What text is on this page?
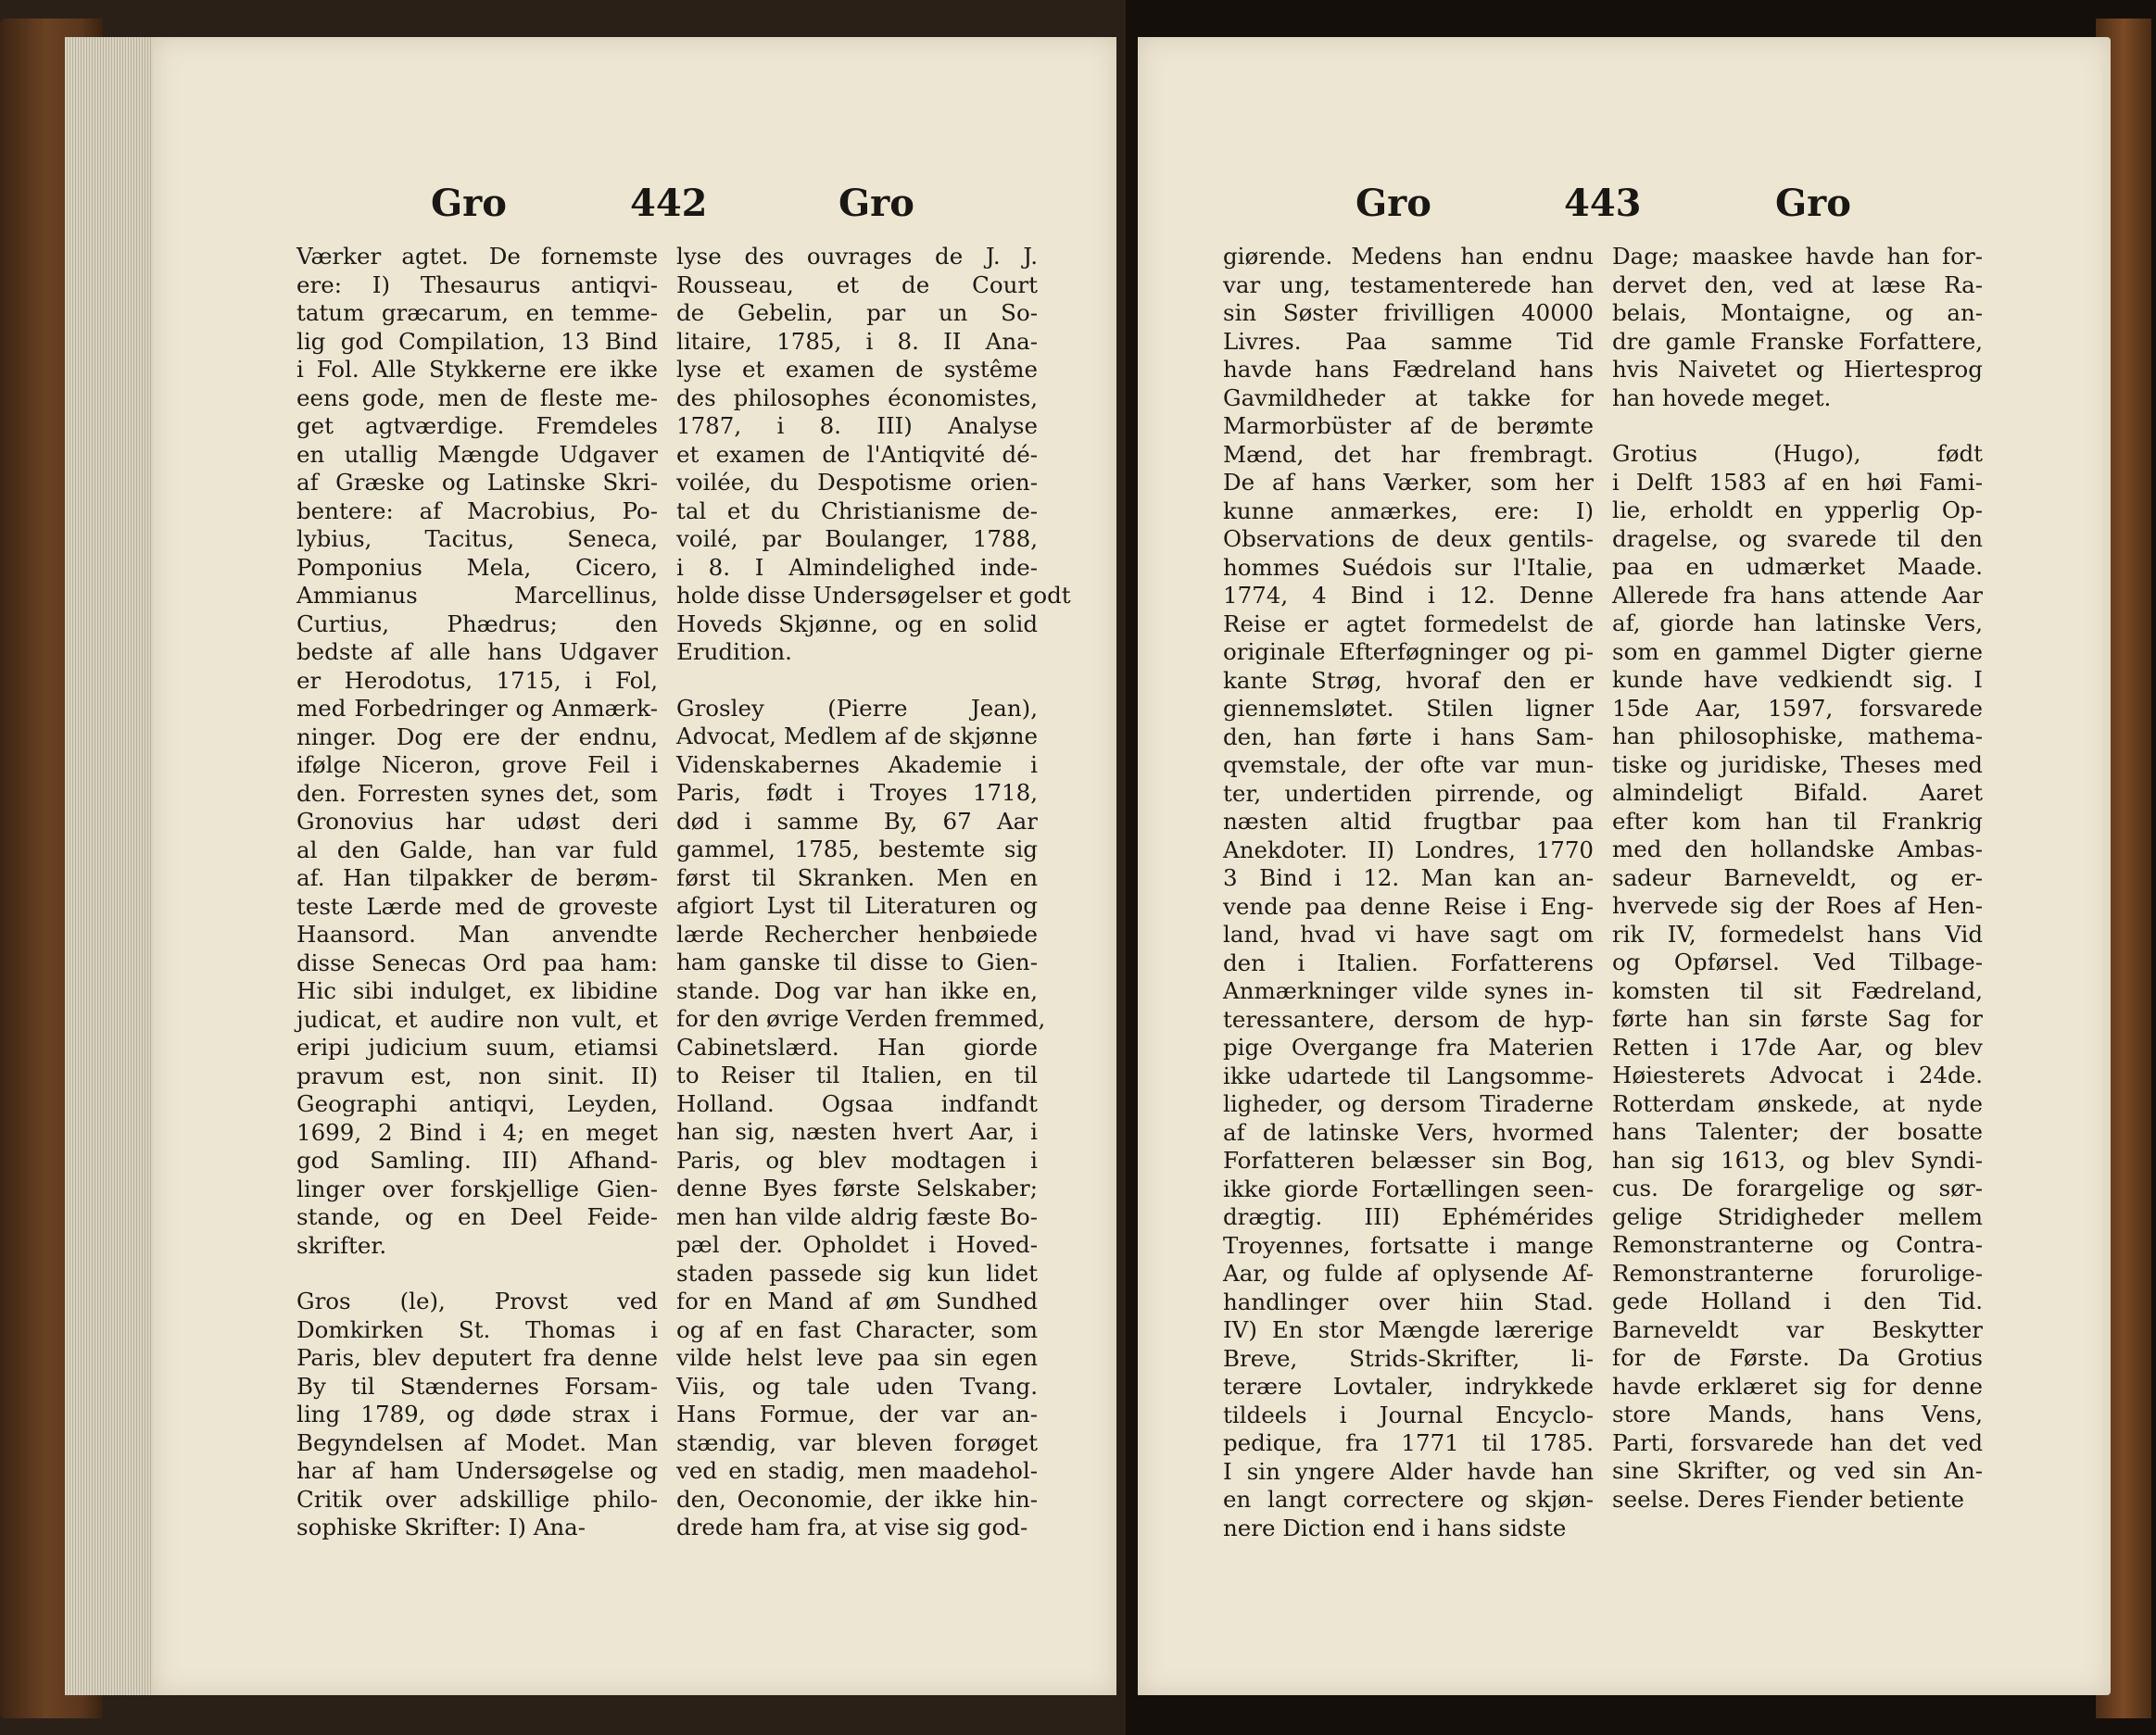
Gro	442	Gro

Værker agtet. De fornemste
ere: I) Thesaurus antiqvi-
tatum græcarum, en temme-
lig god Compilation, 13 Bind
i Fol. Alle Stykkerne ere ikke
eens gode, men de fleste me-
get agtværdige. Fremdeles
en utallig Mængde Udgaver
af Græske og Latinske Skri-
bentere: af Macrobius, Po-
lybius, Tacitus, Seneca,
Pomponius Mela, Cicero,
Ammianus Marcellinus,
Curtius, Phædrus; den
bedste af alle hans Udgaver
er Herodotus, 1715, i Fol,
med Forbedringer og Anmærk-
ninger. Dog ere der endnu,
ifølge Niceron, grove Feil i
den. Forresten synes det, som
Gronovius har udøst deri
al den Galde, han var fuld
af. Han tilpakker de berøm-
teste Lærde med de groveste
Haansord. Man anvendte
disse Senecas Ord paa ham:
Hic sibi indulget, ex libidine
judicat, et audire non vult, et
eripi judicium suum, etiamsi
pravum est, non sinit. II)
Geographi antiqvi, Leyden,
1699, 2 Bind i 4; en meget
god Samling. III) Afhand-
linger over forskjellige Gien-
stande, og en Deel Feide-
skrifter.

Gros (le), Provst ved
Domkirken St. Thomas i
Paris, blev deputert fra denne
By til Stændernes Forsam-
ling 1789, og døde strax i
Begyndelsen af Modet. Man
har af ham Undersøgelse og
Critik over adskillige philo-
sophiske Skrifter: I) Ana-

lyse des ouvrages de J. J.
Rousseau, et de Court
de Gebelin, par un So-
litaire, 1785, i 8. II Ana-
lyse et examen de systême
des philosophes économistes,
1787, i 8. III) Analyse
et examen de l'Antiqvité dé-
voilée, du Despotisme orien-
tal et du Christianisme de-
voilé, par Boulanger, 1788,
i 8. I Almindelighed inde-
holde disse Undersøgelser et godt
Hoveds Skjønne, og en solid
Erudition.

Grosley (Pierre Jean),
Advocat, Medlem af de skjønne
Videnskabernes Akademie i
Paris, født i Troyes 1718,
død i samme By, 67 Aar
gammel, 1785, bestemte sig
først til Skranken. Men en
afgiort Lyst til Literaturen og
lærde Rechercher henbøiede
ham ganske til disse to Gien-
stande. Dog var han ikke en,
for den øvrige Verden fremmed,
Cabinetslærd. Han giorde
to Reiser til Italien, en til
Holland. Ogsaa indfandt
han sig, næsten hvert Aar, i
Paris, og blev modtagen i
denne Byes første Selskaber;
men han vilde aldrig fæste Bo-
pæl der. Opholdet i Hoved-
staden passede sig kun lidet
for en Mand af øm Sundhed
og af en fast Character, som
vilde helst leve paa sin egen
Viis, og tale uden Tvang.
Hans Formue, der var an-
stændig, var bleven forøget
ved en stadig, men maadehol-
den, Oeconomie, der ikke hin-
drede ham fra, at vise sig god-

Gro	443	Gro

giørende. Medens han endnu
var ung, testamenterede han
sin Søster frivilligen 40000
Livres. Paa samme Tid
havde hans Fædreland hans
Gavmildheder at takke for
Marmorbüster af de berømte
Mænd, det har frembragt.
De af hans Værker, som her
kunne anmærkes, ere: I)
Observations de deux gentils-
hommes Suédois sur l'Italie,
1774, 4 Bind i 12. Denne
Reise er agtet formedelst de
originale Efterføgninger og pi-
kante Strøg, hvoraf den er
giennemsløtet. Stilen ligner
den, han førte i hans Sam-
qvemstale, der ofte var mun-
ter, undertiden pirrende, og
næsten altid frugtbar paa
Anekdoter. II) Londres, 1770
3 Bind i 12. Man kan an-
vende paa denne Reise i Eng-
land, hvad vi have sagt om
den i Italien. Forfatterens
Anmærkninger vilde synes in-
teressantere, dersom de hyp-
pige Overgange fra Materien
ikke udartede til Langsomme-
ligheder, og dersom Tiraderne
af de latinske Vers, hvormed
Forfatteren belæsser sin Bog,
ikke giorde Fortællingen seen-
drægtig. III) Ephémérides
Troyennes, fortsatte i mange
Aar, og fulde af oplysende Af-
handlinger over hiin Stad.
IV) En stor Mængde lærerige
Breve, Strids-Skrifter, li-
terære Lovtaler, indrykkede
tildeels i Journal Encyclo-
pedique, fra 1771 til 1785.
I sin yngere Alder havde han
en langt correctere og skjøn-
nere Diction end i hans sidste

Dage; maaskee havde han for-
dervet den, ved at læse Ra-
belais, Montaigne, og an-
dre gamle Franske Forfattere,
hvis Naivetet og Hiertesprog
han hovede meget.

Grotius (Hugo), født
i Delft 1583 af en høi Fami-
lie, erholdt en ypperlig Op-
dragelse, og svarede til den
paa en udmærket Maade.
Allerede fra hans attende Aar
af, giorde han latinske Vers,
som en gammel Digter gierne
kunde have vedkiendt sig. I
15de Aar, 1597, forsvarede
han philosophiske, mathema-
tiske og juridiske, Theses med
almindeligt Bifald. Aaret
efter kom han til Frankrig
med den hollandske Ambas-
sadeur Barneveldt, og er-
hvervede sig der Roes af Hen-
rik IV, formedelst hans Vid
og Opførsel. Ved Tilbage-
komsten til sit Fædreland,
førte han sin første Sag for
Retten i 17de Aar, og blev
Høiesterets Advocat i 24de.
Rotterdam ønskede, at nyde
hans Talenter; der bosatte
han sig 1613, og blev Syndi-
cus. De forargelige og sør-
gelige Stridigheder mellem
Remonstranterne og Contra-
Remonstranterne forurolige-
gede Holland i den Tid.
Barneveldt var Beskytter
for de Første. Da Grotius
havde erklæret sig for denne
store Mands, hans Vens,
Parti, forsvarede han det ved
sine Skrifter, og ved sin An-
seelse. Deres Fiender betiente
